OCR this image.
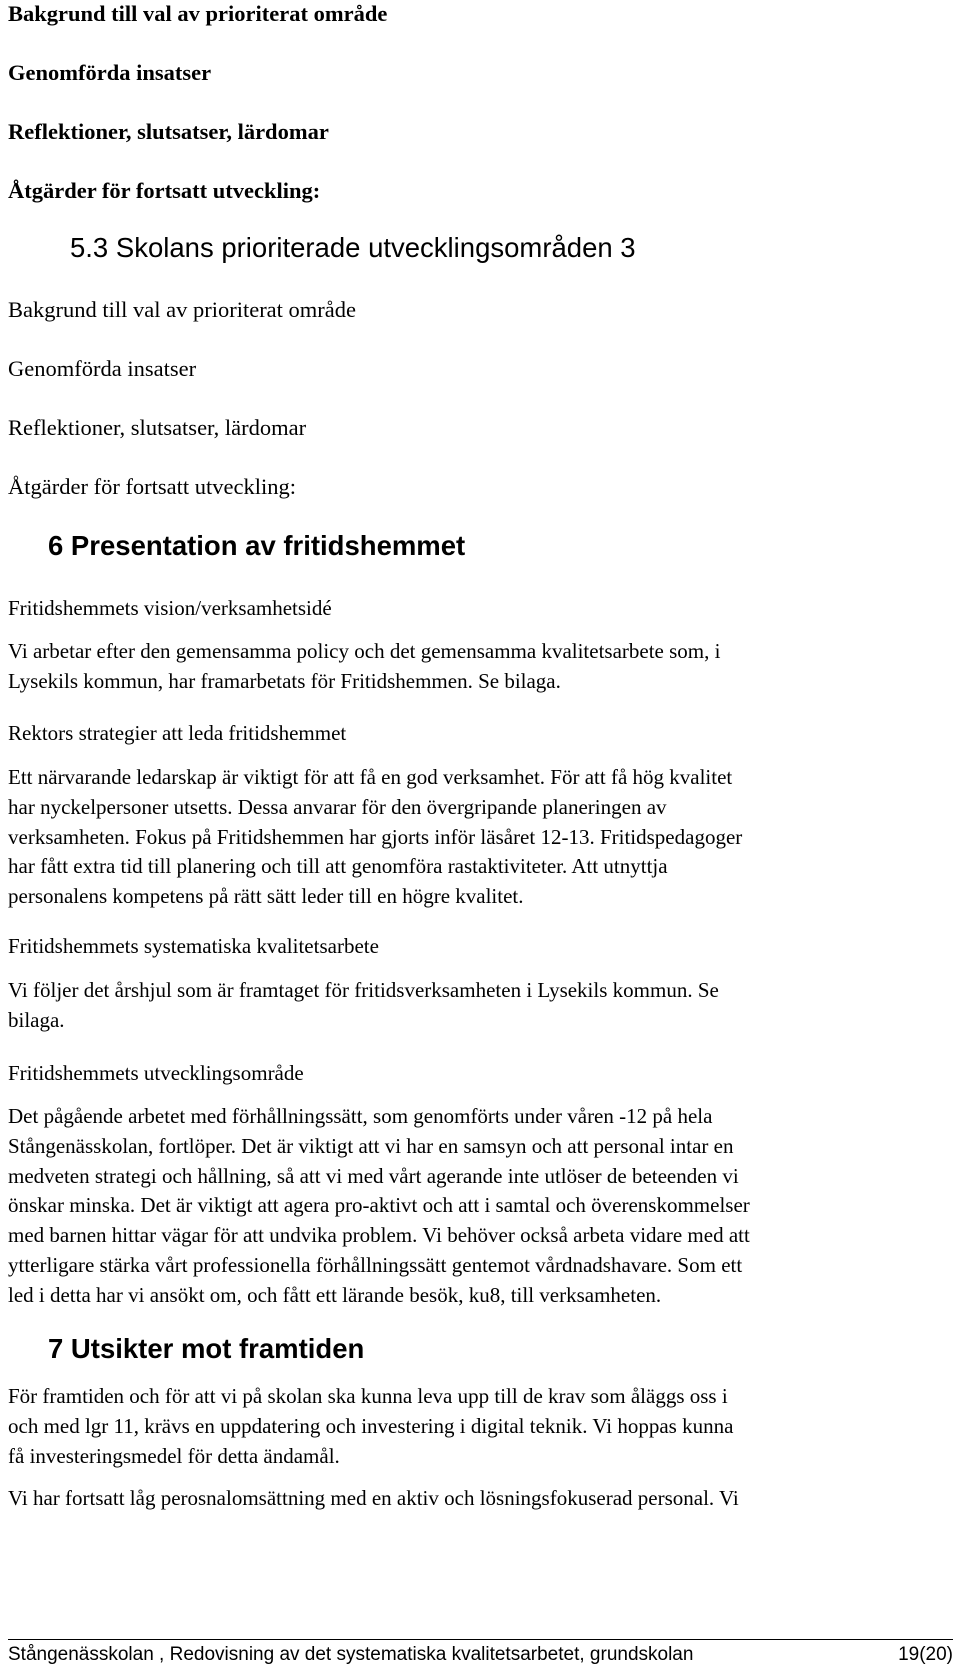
Bakgrund till val av prioriterat område
Genomförda insatser
Reflektioner, slutsatser, lärdomar
Åtgärder för fortsatt utveckling:
5.3 Skolans prioriterade utvecklingsområden 3
Bakgrund till val av prioriterat område
Genomförda insatser
Reflektioner, slutsatser, lärdomar
Åtgärder för fortsatt utveckling:
6 Presentation av fritidshemmet
Fritidshemmets vision/verksamhetsidé
Vi arbetar efter den gemensamma policy och det gemensamma kvalitetsarbete som, i
Lysekils kommun, har framarbetats för Fritidshemmen. Se bilaga.
Rektors strategier att leda fritidshemmet
Ett närvarande ledarskap är viktigt för att få en god verksamhet. För att få hög kvalitet
har nyckelpersoner utsetts. Dessa anvarar för den övergripande planeringen av
verksamheten. Fokus på Fritidshemmen har gjorts inför läsåret 12-13. Fritidspedagoger
har fått extra tid till planering och till att genomföra rastaktiviteter. Att utnyttja
personalens kompetens på rätt sätt leder till en högre kvalitet.
Fritidshemmets systematiska kvalitetsarbete
Vi följer det årshjul som är framtaget för fritidsverksamheten i Lysekils kommun. Se
bilaga.
Fritidshemmets utvecklingsområde
Det pågående arbetet med förhållningssätt, som genomförts under våren -12 på hela
Stångenässkolan, fortlöper. Det är viktigt att vi har en samsyn och att personal intar en
medveten strategi och hållning, så att vi med vårt agerande inte utlöser de beteenden vi
önskar minska. Det är viktigt att agera pro-aktivt och att i samtal och överenskommelser
med barnen hittar vägar för att undvika problem. Vi behöver också arbeta vidare med att
ytterligare stärka vårt professionella förhållningssätt gentemot vårdnadshavare. Som ett
led i detta har vi ansökt om, och fått ett lärande besök, ku8, till verksamheten.
7 Utsikter mot framtiden
För framtiden och för att vi på skolan ska kunna leva upp till de krav som åläggs oss i
och med lgr 11, krävs en uppdatering och investering i digital teknik. Vi hoppas kunna
få investeringsmedel för detta ändamål.
Vi har fortsatt låg perosnalomsättning med en aktiv och lösningsfokuserad personal. Vi
Stångenässkolan , Redovisning av det systematiska kvalitetsarbetet, grundskolan	19(20)
